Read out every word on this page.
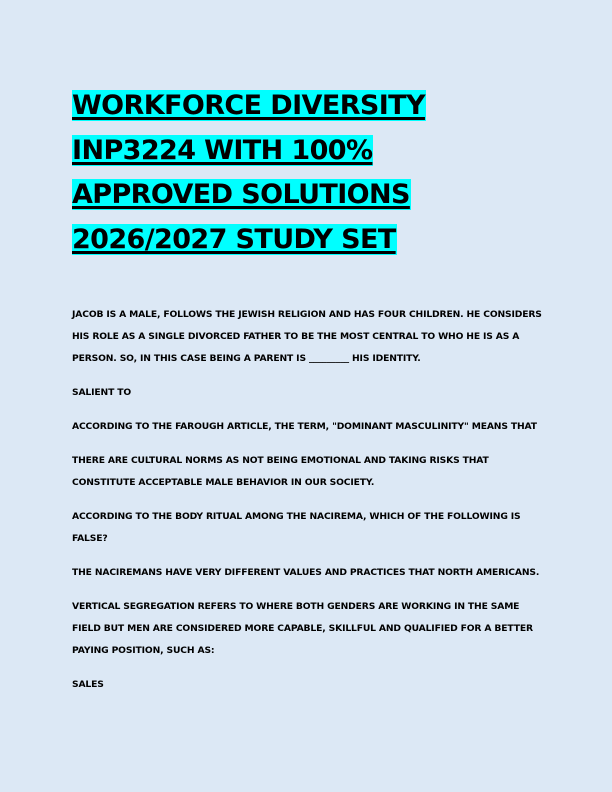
WORKFORCE DIVERSITY
INP3224 WITH 100%
APPROVED SOLUTIONS
2026/2027 STUDY SET

JACOB IS A MALE, FOLLOWS THE JEWISH RELIGION AND HAS FOUR CHILDREN. HE CONSIDERS HIS ROLE AS A SINGLE DIVORCED FATHER TO BE THE MOST CENTRAL TO WHO HE IS AS A PERSON. SO, IN THIS CASE BEING A PARENT IS _________ HIS IDENTITY.

SALIENT TO

ACCORDING TO THE FAROUGH ARTICLE, THE TERM, "DOMINANT MASCULINITY" MEANS THAT

THERE ARE CULTURAL NORMS AS NOT BEING EMOTIONAL AND TAKING RISKS THAT CONSTITUTE ACCEPTABLE MALE BEHAVIOR IN OUR SOCIETY.

ACCORDING TO THE BODY RITUAL AMONG THE NACIREMA, WHICH OF THE FOLLOWING IS FALSE?

THE NACIREMANS HAVE VERY DIFFERENT VALUES AND PRACTICES THAT NORTH AMERICANS.

VERTICAL SEGREGATION REFERS TO WHERE BOTH GENDERS ARE WORKING IN THE SAME FIELD BUT MEN ARE CONSIDERED MORE CAPABLE, SKILLFUL AND QUALIFIED FOR A BETTER PAYING POSITION, SUCH AS:

SALES
